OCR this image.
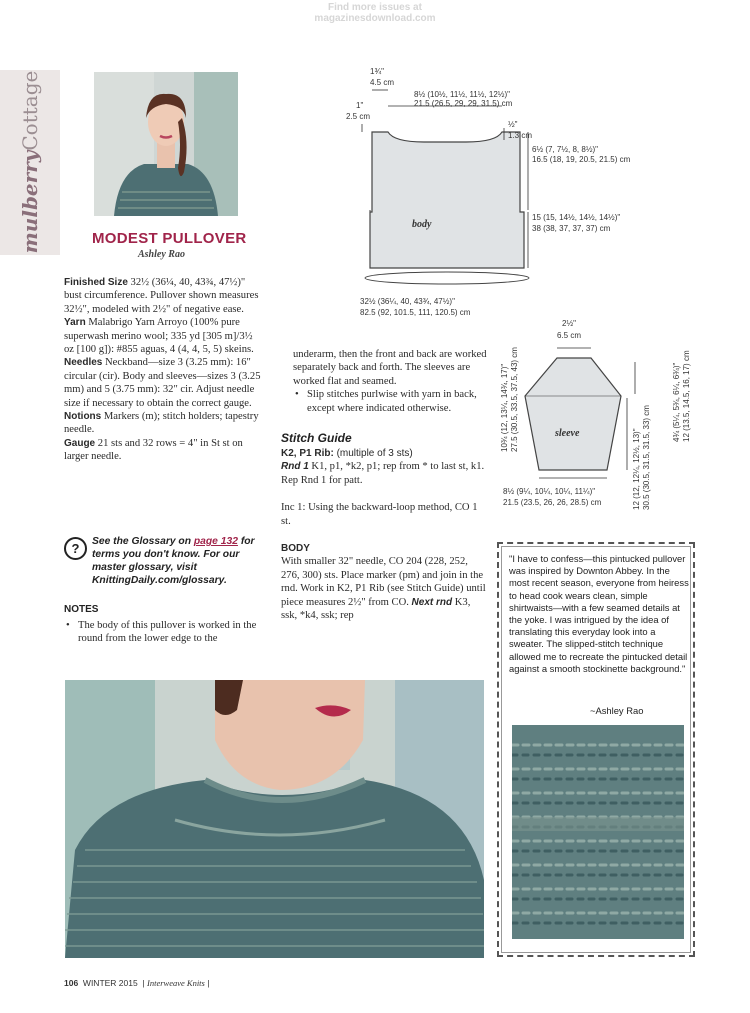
Find more issues at
magazinesdownload.com
mulberryCottage
MODEST PULLOVER
Ashley Rao

Finished Size 32½ (36¼, 40, 43¾, 47½)" bust circumference. Pullover shown measures 32½", modeled with 2½" of negative ease.

Yarn Malabrigo Yarn Arroyo (100% pure superwash merino wool; 335 yd [305 m]/3½ oz [100 g]): #855 aguas, 4 (4, 4, 5, 5) skeins.

Needles Neckband—size 3 (3.25 mm): 16" circular (cir). Body and sleeves—sizes 3 (3.25 mm) and 5 (3.75 mm): 32" cir. Adjust needle size if necessary to obtain the correct gauge.

Notions Markers (m); stitch holders; tapestry needle.

Gauge 21 sts and 32 rows = 4" in St st on larger needle.

?	See the Glossary on page 132 for terms you don't know. For our master glossary, visit KnittingDaily.com/glossary.
NOTES
• The body of this pullover is worked in the round from the lower edge to the

underarm, then the front and back are worked separately back and forth. The sleeves are worked flat and seamed.

• Slip stitches purlwise with yarn in back, except where indicated otherwise.
Stitch Guide

K2, P1 Rib: (multiple of 3 sts)

Rnd 1 K1, p1, *k2, p1; rep from * to last st, k1.

Rep Rnd 1 for patt.

Inc 1: Using the backward-loop method, CO 1 st.

BODY

With smaller 32" needle, CO 204 (228, 252, 276, 300) sts. Place marker (pm) and join in the rnd. Work in K2, P1 Rib (see Stitch Guide) until piece measures 2½" from CO. Next rnd K3, ssk, *k4, ssk; rep

body
1¾"
4.5 cm
8½ (10½, 11½, 11½, 12½)"
21.5 (26.5, 29, 29, 31.5) cm
1"
2.5 cm
½"
1.3 cm
6½ (7, 7½, 8, 8½)"
16.5 (18, 19, 20.5, 21.5) cm
15 (15, 14½, 14½, 14½)"
38 (38, 37, 37, 37) cm
32½ (36¼, 40, 43¾, 47½)"
82.5 (92, 101.5, 111, 120.5) cm
sleeve
2½"
6.5 cm
10¾ (12, 13¼, 14¾, 17)" 27.5 (30.5, 33.5, 37.5, 43) cm	4¾ (5¼, 5¾, 6¼, 6¾)" 12 (13.5, 14.5, 16, 17) cm
12 (12, 12¼, 12½, 13)" 30.5 (30.5, 31.5, 31.5, 33) cm
8½ (9¼, 10¼, 10¼, 11¼)"
21.5 (23.5, 26, 26, 28.5) cm
"I have to confess—this pintucked pullover was inspired by Downton Abbey. In the most recent season, everyone from heiress to head cook wears clean, simple shirtwaists—with a few seamed details at the yoke. I was intrigued by the idea of translating this everyday look into a sweater. The slipped-stitch technique allowed me to recreate the pintucked detail against a smooth stockinette background."
~Ashley Rao
106 WINTER 2015  | Interweave Knits |
